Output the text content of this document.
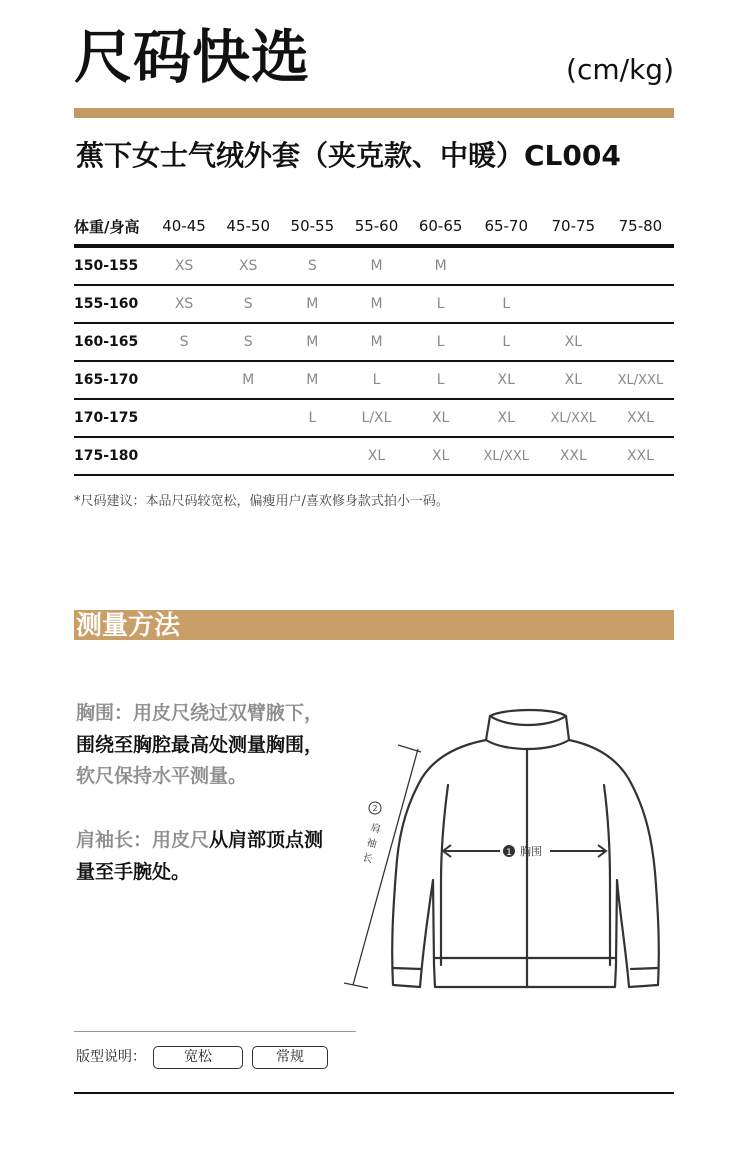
尺码快选	(cm/kg)
蕉下女士气绒外套（夹克款、中暖）CL004
体重/身高	40-45	45-50	50-55	55-60	60-65	65-70	70-75	75-80
150-155	XS	XS	S	M	M			
155-160	XS	S	M	M	L	L		
160-165	S	S	M	M	L	L	XL	
165-170		M	M	L	L	XL	XL	XL/XXL
170-175			L	L/XL	XL	XL	XL/XXL	XXL
175-180				XL	XL	XL/XXL	XXL	XXL
*尺码建议：本品尺码较宽松，偏瘦用户/喜欢修身款式拍小一码。
测量方法
胸围：用皮尺绕过双臂腋下，围绕至胸腔最高处测量胸围，软尺保持水平测量。
肩袖长：用皮尺从肩部顶点测量至手腕处。
1 胸围
2
肩
袖
长
版型说明：	宽松	常规
